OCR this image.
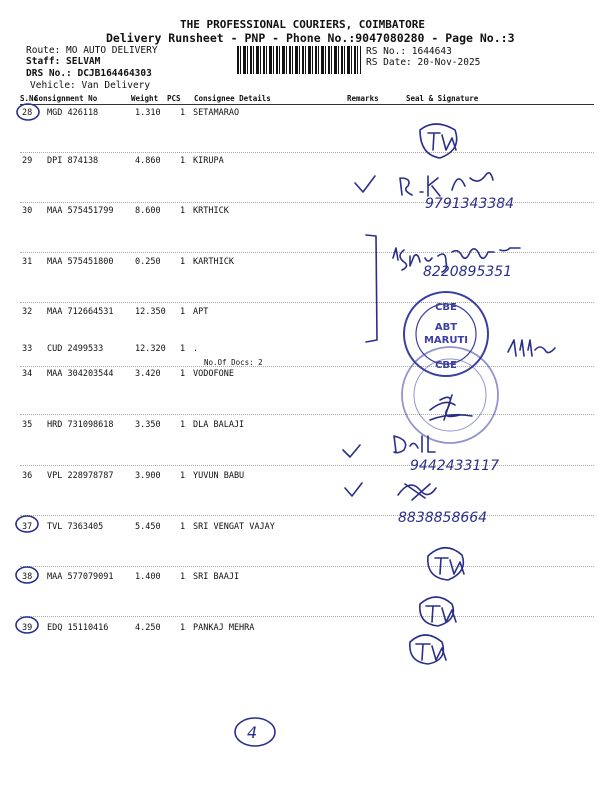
THE PROFESSIONAL COURIERS, COIMBATORE
Delivery Runsheet - PNP - Phone No.:9047080280 - Page No.:3
Route: MO AUTO DELIVERY
Staff: SELVAM
DRS No.: DCJB164464303
Vehicle: Van Delivery
RS No.: 1644643
RS Date: 20-Nov-2025
S.No
Consignment No	Weight PCS Consignee Details	Remarks	Seal & Signature
28 MGD 426118	1.310 1 SETAMARAO
29 DPI 874138	4.860 1 KIRUPA
30 MAA 575451799	8.600 1 KRTHICK
31 MAA 575451800	0.250 1 KARTHICK
32 MAA 712664531	12.350 1 APT
33 CUD 2499533	12.320 1 .
No.Of Docs: 2
34 MAA 304203544	3.420 1 VODOFONE
35 HRD 731098618	3.350 1 DLA BALAJI
36 VPL 228978787	3.900 1 YUVUN BABU
37 TVL 7363405	5.450 1 SRI VENGAT VAJAY
38 MAA 577079091	1.400 1 SRI BAAJI
39 EDQ 15110416	4.250 1 PANKAJ MEHRA
9791343384
8220895351
CBE
ABT
MARUTI
CBE
9442433117
8838858664
4
